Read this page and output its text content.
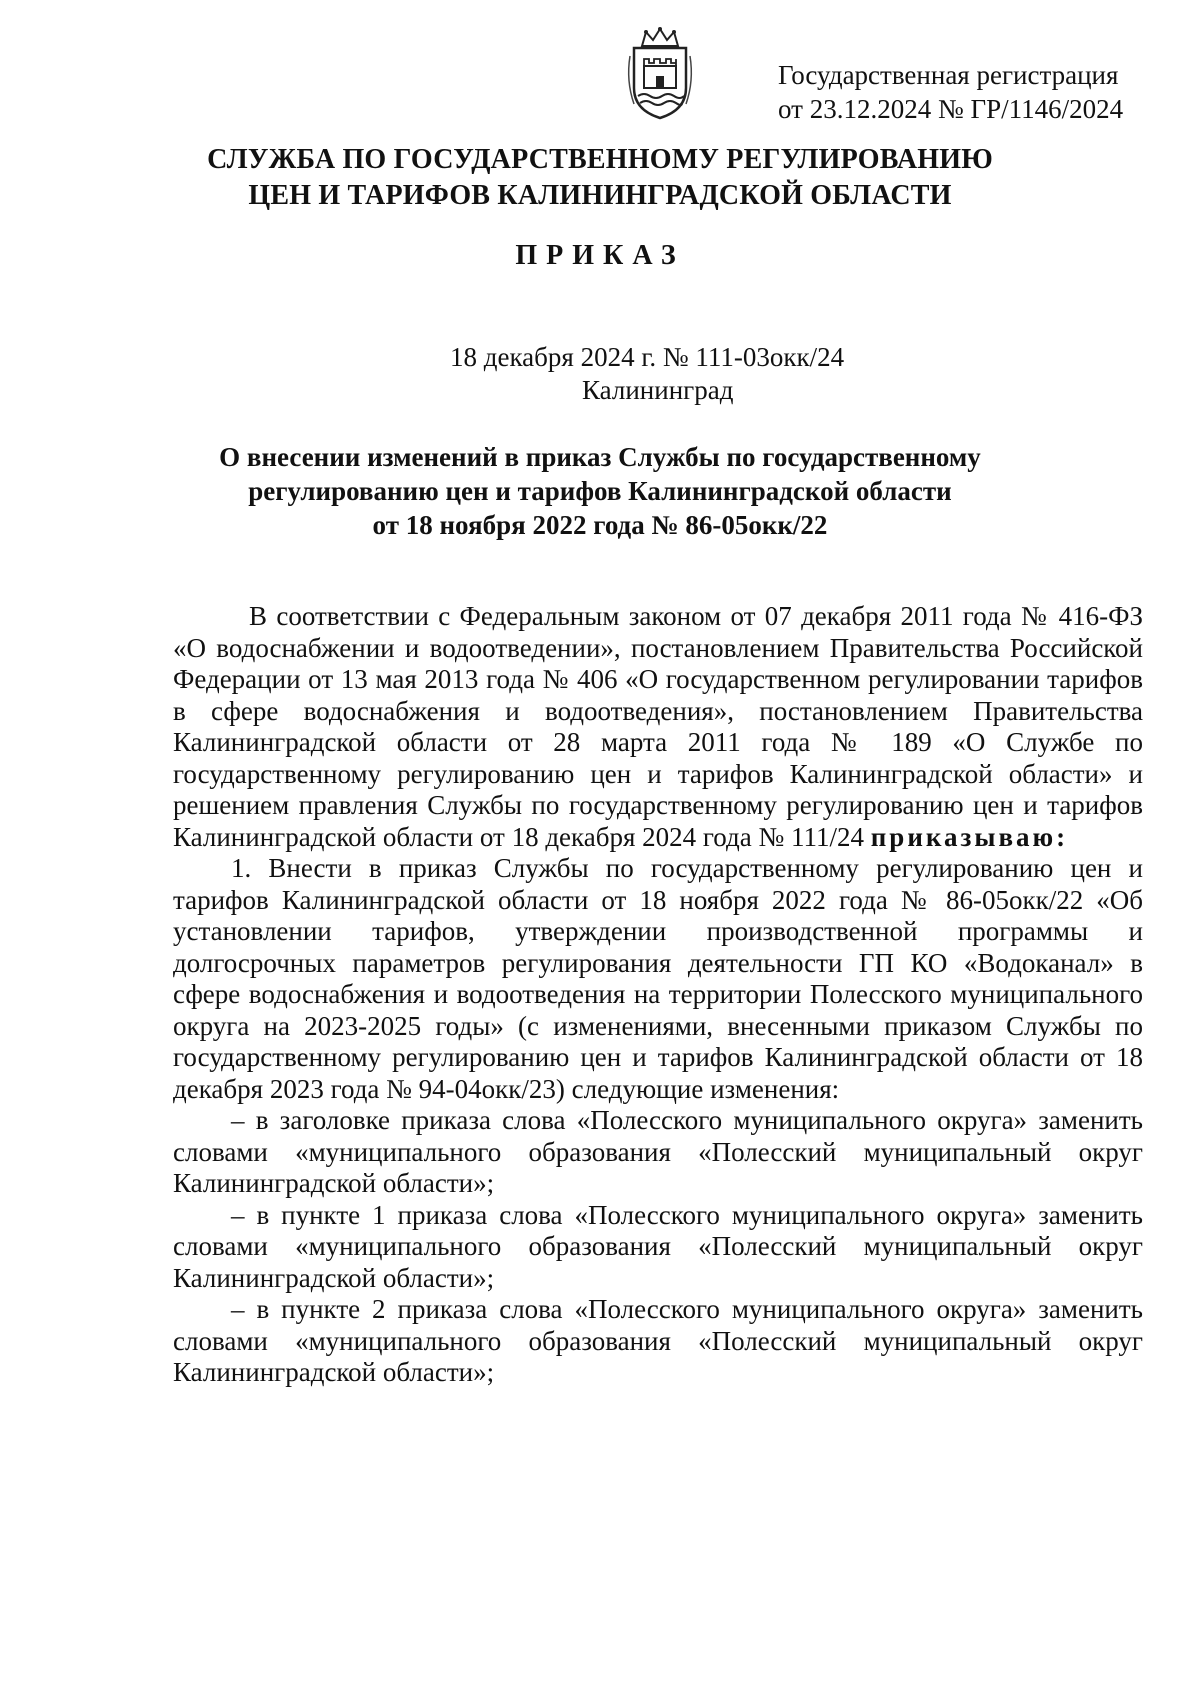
Государственная регистрация
от 23.12.2024 № ГР/1146/2024
СЛУЖБА ПО ГОСУДАРСТВЕННОМУ РЕГУЛИРОВАНИЮ
ЦЕН И ТАРИФОВ КАЛИНИНГРАДСКОЙ ОБЛАСТИ
ПРИКАЗ
18 декабря 2024 г. № 111-03окк/24
Калининград
О внесении изменений в приказ Службы по государственному
регулированию цен и тарифов Калининградской области
от 18 ноября 2022 года № 86-05окк/22

В соответствии с Федеральным законом от 07 декабря 2011 года № 416-ФЗ «О водоснабжении и водоотведении», постановлением Правительства Российской Федерации от 13 мая 2013 года № 406 «О государственном регулировании тарифов в сфере водоснабжения и водоотведения», постановлением Правительства Калининградской области от 28 марта 2011 года № 189 «О Службе по государственному регулированию цен и тарифов Калининградской области» и решением правления Службы по государственному регулированию цен и тарифов Калининградской области от 18 декабря 2024 года № 111/24 приказываю:

1. Внести в приказ Службы по государственному регулированию цен и тарифов Калининградской области от 18 ноября 2022 года № 86-05окк/22 «Об установлении тарифов, утверждении производственной программы и долгосрочных параметров регулирования деятельности ГП КО «Водоканал» в сфере водоснабжения и водоотведения на территории Полесского муниципального округа на 2023-2025 годы» (с изменениями, внесенными приказом Службы по государственному регулированию цен и тарифов Калининградской области от 18 декабря 2023 года № 94-04окк/23) следующие изменения:

– в заголовке приказа слова «Полесского муниципального округа» заменить словами «муниципального образования «Полесский муниципальный округ Калининградской области»;

– в пункте 1 приказа слова «Полесского муниципального округа» заменить словами «муниципального образования «Полесский муниципальный округ Калининградской области»;

– в пункте 2 приказа слова «Полесского муниципального округа» заменить словами «муниципального образования «Полесский муниципальный округ Калининградской области»;
